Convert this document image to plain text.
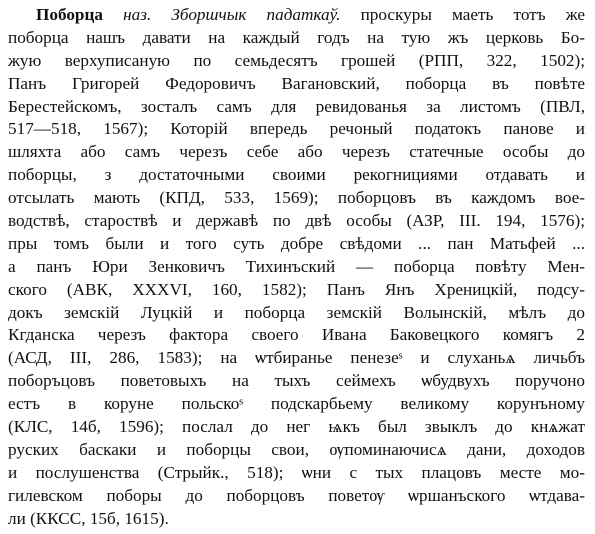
Поборца наз. Зборшчык падаткаў. проскуры маеть тотъ же
поборца нашъ давати на каждый годъ на тую жъ церковь Бо-
жую верхуписаную по семьдесятъ грошей (РПП, 322, 1502);
Панъ Григорей Федоровичъ Вагановский, поборца въ повѣте
Берестейскомъ, зосталъ самъ для ревидованья за листомъ (ПВЛ,
517—518, 1567); Которій впередь речоный податокъ панове и
шляхта або самъ черезъ себе або черезъ статечные особы до
поборцы, з достаточными своими рекогнициями отдавать и
отсылать мають (КПД, 533, 1569); поборцовъ въ каждомъ вое-
водствѣ, староствѣ и державѣ по двѣ особы (АЗР, III. 194, 1576);
пры томъ были и того суть добре свѣдоми ... пан Матьфей ...
а панъ Юри Зенковичъ Тихинъский — поборца повѣту Мен-
ского (АВК, XXXVI, 160, 1582); Панъ Янъ Хреницкій, подсу-
докъ земскій Луцкій и поборца земскій Волынскій, мѣлъ до
Кгданска черезъ фактора своего Ивана Баковецкого комягъ 2
(АСД, III, 286, 1583); на ѡтбиранье пенезеˢ и слуханьѧ личьбъ
поборъцовъ поветовыхъ на тыхъ сеймехъ ѡбудвухъ поручоно
естъ в коруне польскоˢ подскарбьему великому корунъному
(КЛС, 14б, 1596); послал до нег ѩкъ был звыклъ до кнѧжат
руских баскаки и поборцы свои, ѹпоминаючисѧ дани, доходов
и послушенства (Стрыйк., 518); ѡни с тых плацовъ месте мо-
гилевском поборы до поборцовъ поветѹ ѡршанъского ѡтдава-
ли (ККСС, 15б, 1615).
